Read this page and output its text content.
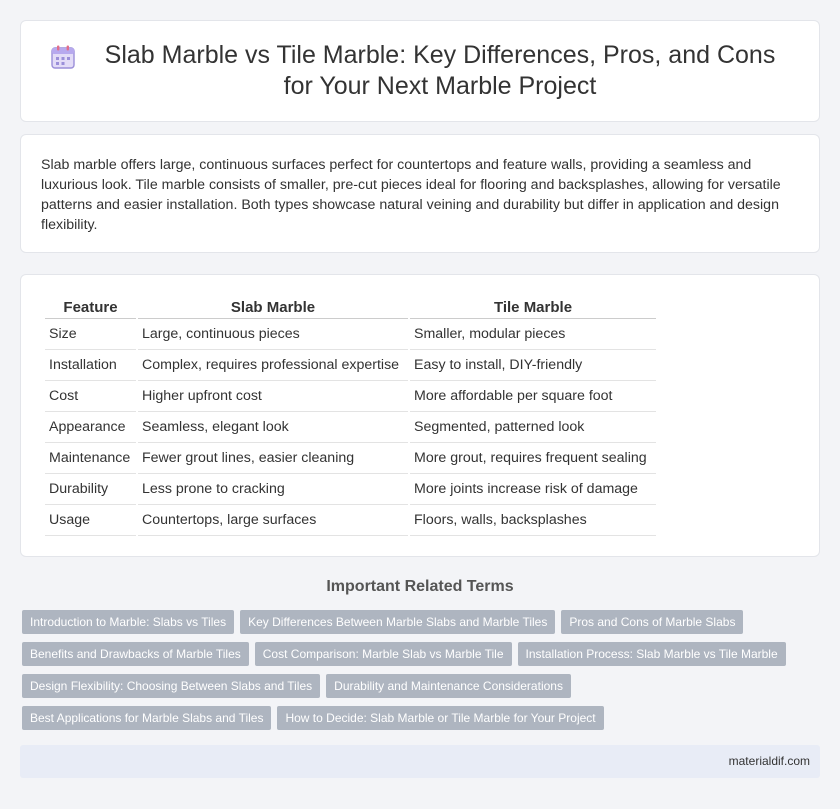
Slab Marble vs Tile Marble: Key Differences, Pros, and Cons for Your Next Marble Project

Slab marble offers large, continuous surfaces perfect for countertops and feature walls, providing a seamless and luxurious look. Tile marble consists of smaller, pre-cut pieces ideal for flooring and backsplashes, allowing for versatile patterns and easier installation. Both types showcase natural veining and durability but differ in application and design flexibility.

Feature	Slab Marble	Tile Marble
Size	Large, continuous pieces	Smaller, modular pieces
Installation	Complex, requires professional expertise	Easy to install, DIY-friendly
Cost	Higher upfront cost	More affordable per square foot
Appearance	Seamless, elegant look	Segmented, patterned look
Maintenance	Fewer grout lines, easier cleaning	More grout, requires frequent sealing
Durability	Less prone to cracking	More joints increase risk of damage
Usage	Countertops, large surfaces	Floors, walls, backsplashes
Important Related Terms
Introduction to Marble: Slabs vs Tiles	Key Differences Between Marble Slabs and Marble Tiles	Pros and Cons of Marble Slabs
Benefits and Drawbacks of Marble Tiles	Cost Comparison: Marble Slab vs Marble Tile	Installation Process: Slab Marble vs Tile Marble
Design Flexibility: Choosing Between Slabs and Tiles	Durability and Maintenance Considerations
Best Applications for Marble Slabs and Tiles	How to Decide: Slab Marble or Tile Marble for Your Project
materialdif.com
